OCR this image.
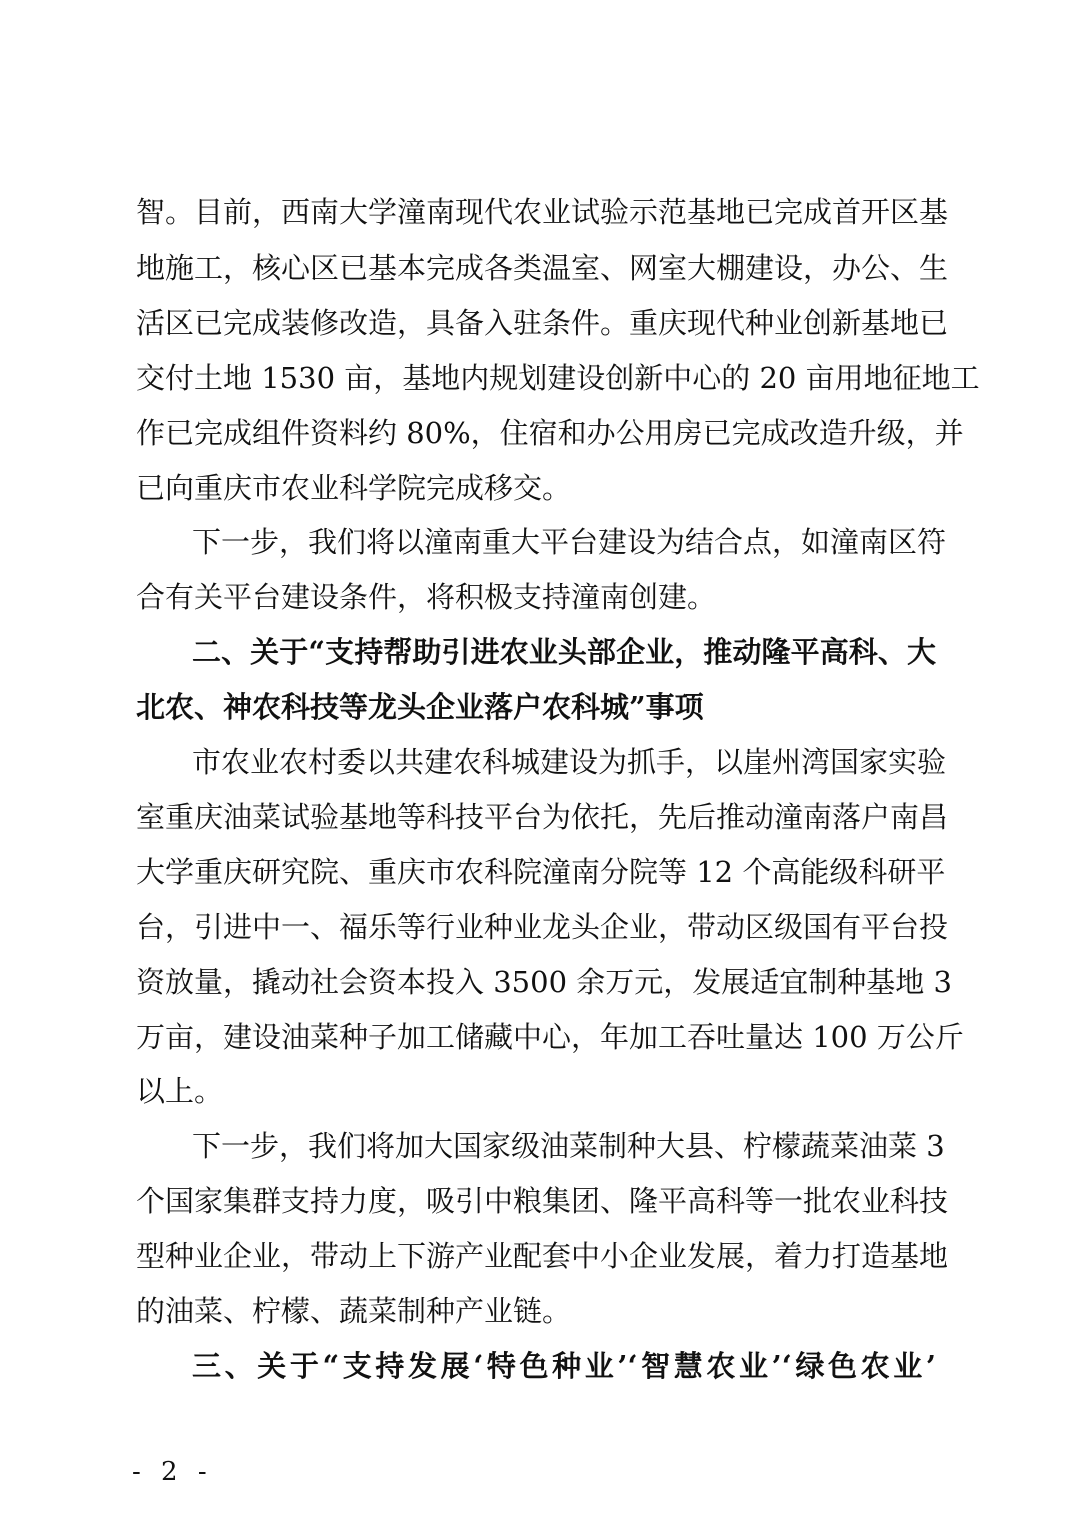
智。目前，西南大学潼南现代农业试验示范基地已完成首开区基
地施工，核心区已基本完成各类温室、网室大棚建设，办公、生
活区已完成装修改造，具备入驻条件。重庆现代种业创新基地已
交付土地 1530 亩，基地内规划建设创新中心的 20 亩用地征地工
作已完成组件资料约 80%，住宿和办公用房已完成改造升级，并
已向重庆市农业科学院完成移交。
下一步，我们将以潼南重大平台建设为结合点，如潼南区符
合有关平台建设条件，将积极支持潼南创建。
二、关于“支持帮助引进农业头部企业，推动隆平高科、大
北农、神农科技等龙头企业落户农科城”事项
市农业农村委以共建农科城建设为抓手，以崖州湾国家实验
室重庆油菜试验基地等科技平台为依托，先后推动潼南落户南昌
大学重庆研究院、重庆市农科院潼南分院等 12 个高能级科研平
台，引进中一、福乐等行业种业龙头企业，带动区级国有平台投
资放量，撬动社会资本投入 3500 余万元，发展适宜制种基地 3
万亩，建设油菜种子加工储藏中心，年加工吞吐量达 100 万公斤
以上。
下一步，我们将加大国家级油菜制种大县、柠檬蔬菜油菜 3
个国家集群支持力度，吸引中粮集团、隆平高科等一批农业科技
型种业企业，带动上下游产业配套中小企业发展，着力打造基地
的油菜、柠檬、蔬菜制种产业链。
三、关于“支持发展‘特色种业’‘智慧农业’‘绿色农业’
- 2 -
